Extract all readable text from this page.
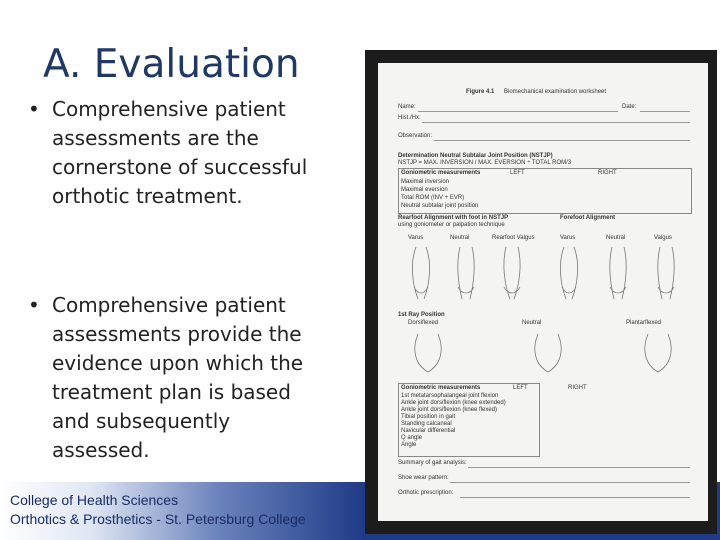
A. Evaluation
• Comprehensive patient assessments are the cornerstone of successful orthotic treatment.
• Comprehensive patient assessments provide the evidence upon which the treatment plan is based and subsequently assessed.
College of Health Sciences
Orthotics & Prosthetics - St. Petersburg College
Figure 4.1 Biomechanical examination worksheet
Name:	Date:
Hist./Hx:
Observation:
Determination Neutral Subtalar Joint Position (NSTJP)
NSTJP = MAX. INVERSION / MAX. EVERSION ÷ TOTAL ROM/3
Goniometric measurements	LEFT	RIGHT
Maximal inversion
Maximal eversion
Total ROM (INV + EVR)
Neutral subtalar joint position
Rearfoot Alignment with foot in NSTJP
using goniometer or palpation technique
Forefoot Alignment
Varus	Neutral	Rearfoot Valgus	Varus	Neutral	Valgus
1st Ray Position
Dorsiflexed	Neutral	Plantarflexed
Goniometric measurements	LEFT	RIGHT
1st metatarsophalangeal joint flexion
Ankle joint dorsiflexion (knee extended)
Ankle joint dorsiflexion (knee flexed)
Tibial position in gait
Standing calcaneal
Navicular differential
Q angle
Angle
Summary of gait analysis:
Shoe wear pattern:
Orthotic prescription:
